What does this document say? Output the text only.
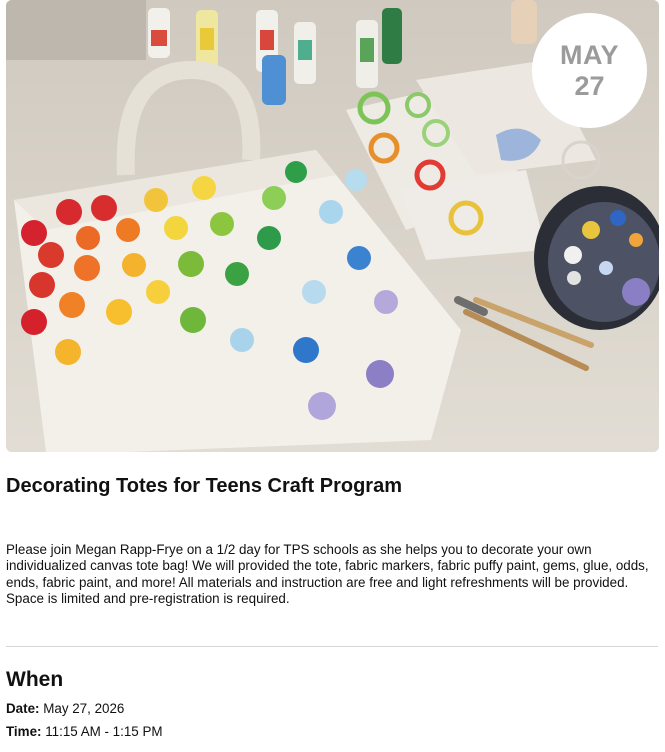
MAY
27
Decorating Totes for Teens Craft Program

Please join Megan Rapp-Frye on a 1/2 day for TPS schools as she helps you to decorate your own individualized canvas tote bag! We will provided the tote, fabric markers, fabric puffy paint, gems, glue, odds, ends, fabric paint, and more! All materials and instruction are free and light refreshments will be provided. Space is limited and pre-registration is required.

When
Date: May 27, 2026
Time: 11:15 AM - 1:15 PM
